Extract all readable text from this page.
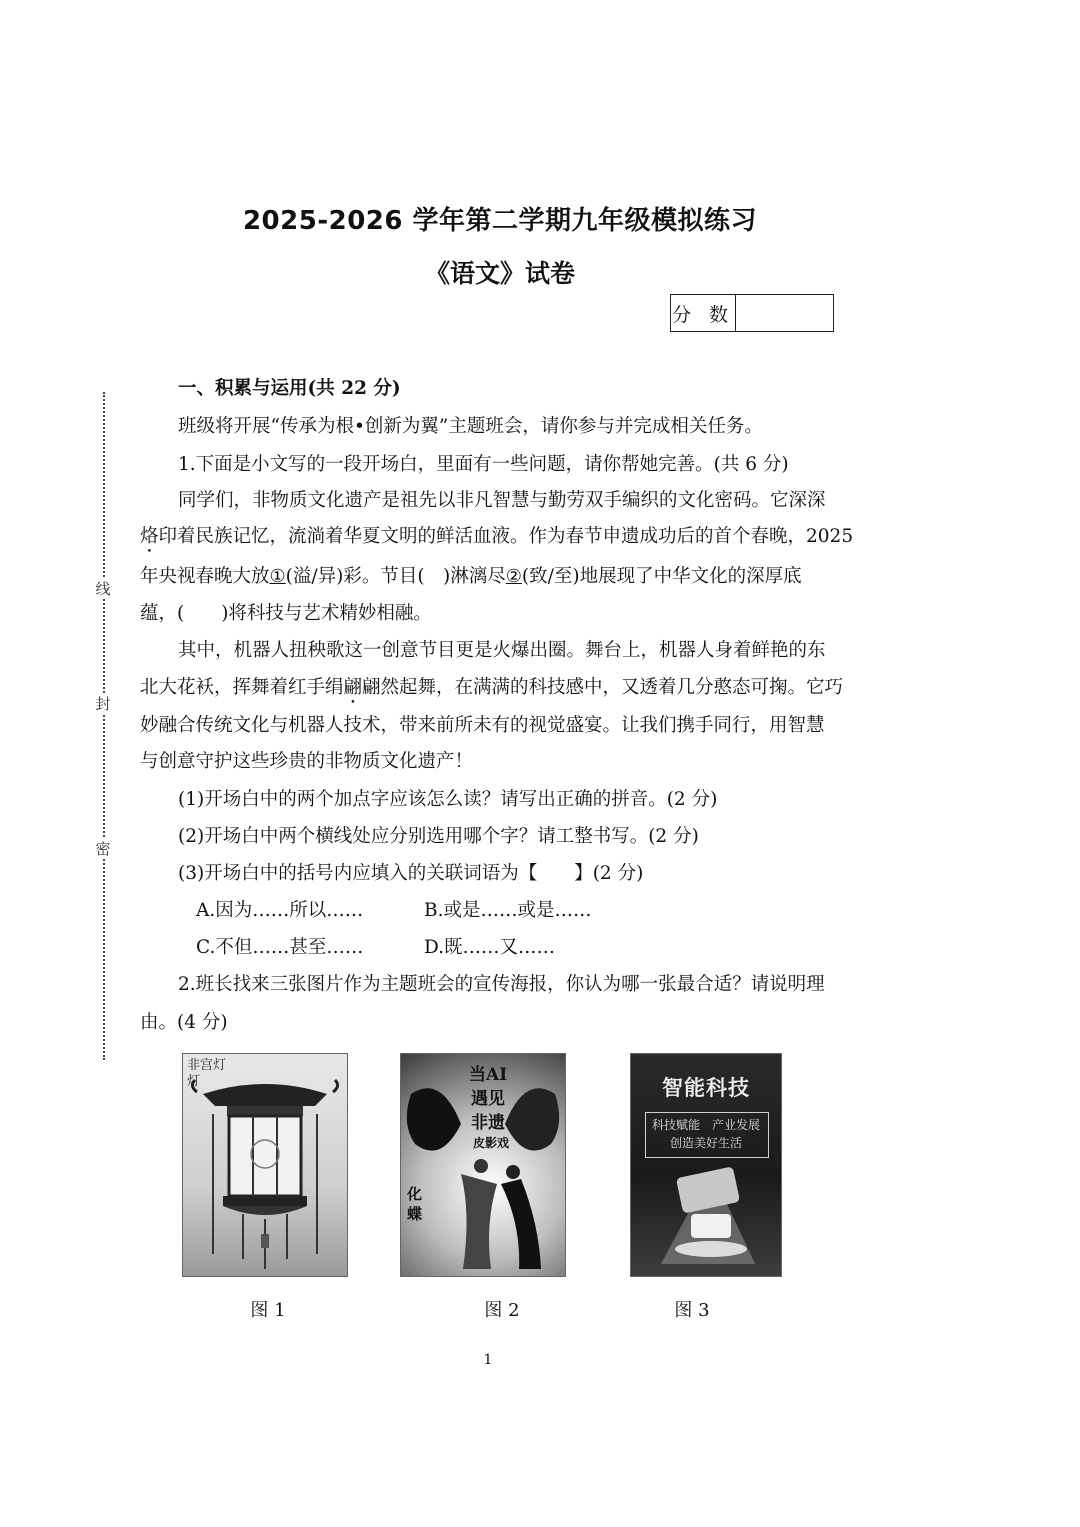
2025-2026 学年第二学期九年级模拟练习
《语文》试卷
分 数
线
封
密
一、积累与运用(共 22 分)
班级将开展“传承为根•创新为翼”主题班会，请你参与并完成相关任务。
1.下面是小文写的一段开场白，里面有一些问题，请你帮她完善。(共 6 分)
同学们，非物质文化遗产是祖先以非凡智慧与勤劳双手编织的文化密码。它深深
烙印着民族记忆，流淌着华夏文明的鲜活血液。作为春节申遗成功后的首个春晚，2025
年央视春晚大放①(溢/异)彩。节目(　)淋漓尽②(致/至)地展现了中华文化的深厚底
蕴，(　　)将科技与艺术精妙相融。
其中，机器人扭秧歌这一创意节目更是火爆出圈。舞台上，机器人身着鲜艳的东
北大花袄，挥舞着红手绢翩翩然起舞，在满满的科技感中，又透着几分憨态可掬。它巧
妙融合传统文化与机器人技术，带来前所未有的视觉盛宴。让我们携手同行，用智慧
与创意守护这些珍贵的非物质文化遗产！
(1)开场白中的两个加点字应该怎么读？请写出正确的拼音。(2 分)
(2)开场白中两个横线处应分别选用哪个字？请工整书写。(2 分)
(3)开场白中的括号内应填入的关联词语为【　　】(2 分)
A.因为……所以……	B.或是……或是……
C.不但……甚至……	D.既……又……
2.班长找来三张图片作为主题班会的宣传海报，你认为哪一张最合适？请说明理
由。(4 分)
非宫灯灯
图 1
当AI
遇见
非遗
皮影戏
化蝶
图 2
智能科技
科技赋能　产业发展
创造美好生活
图 3
1
